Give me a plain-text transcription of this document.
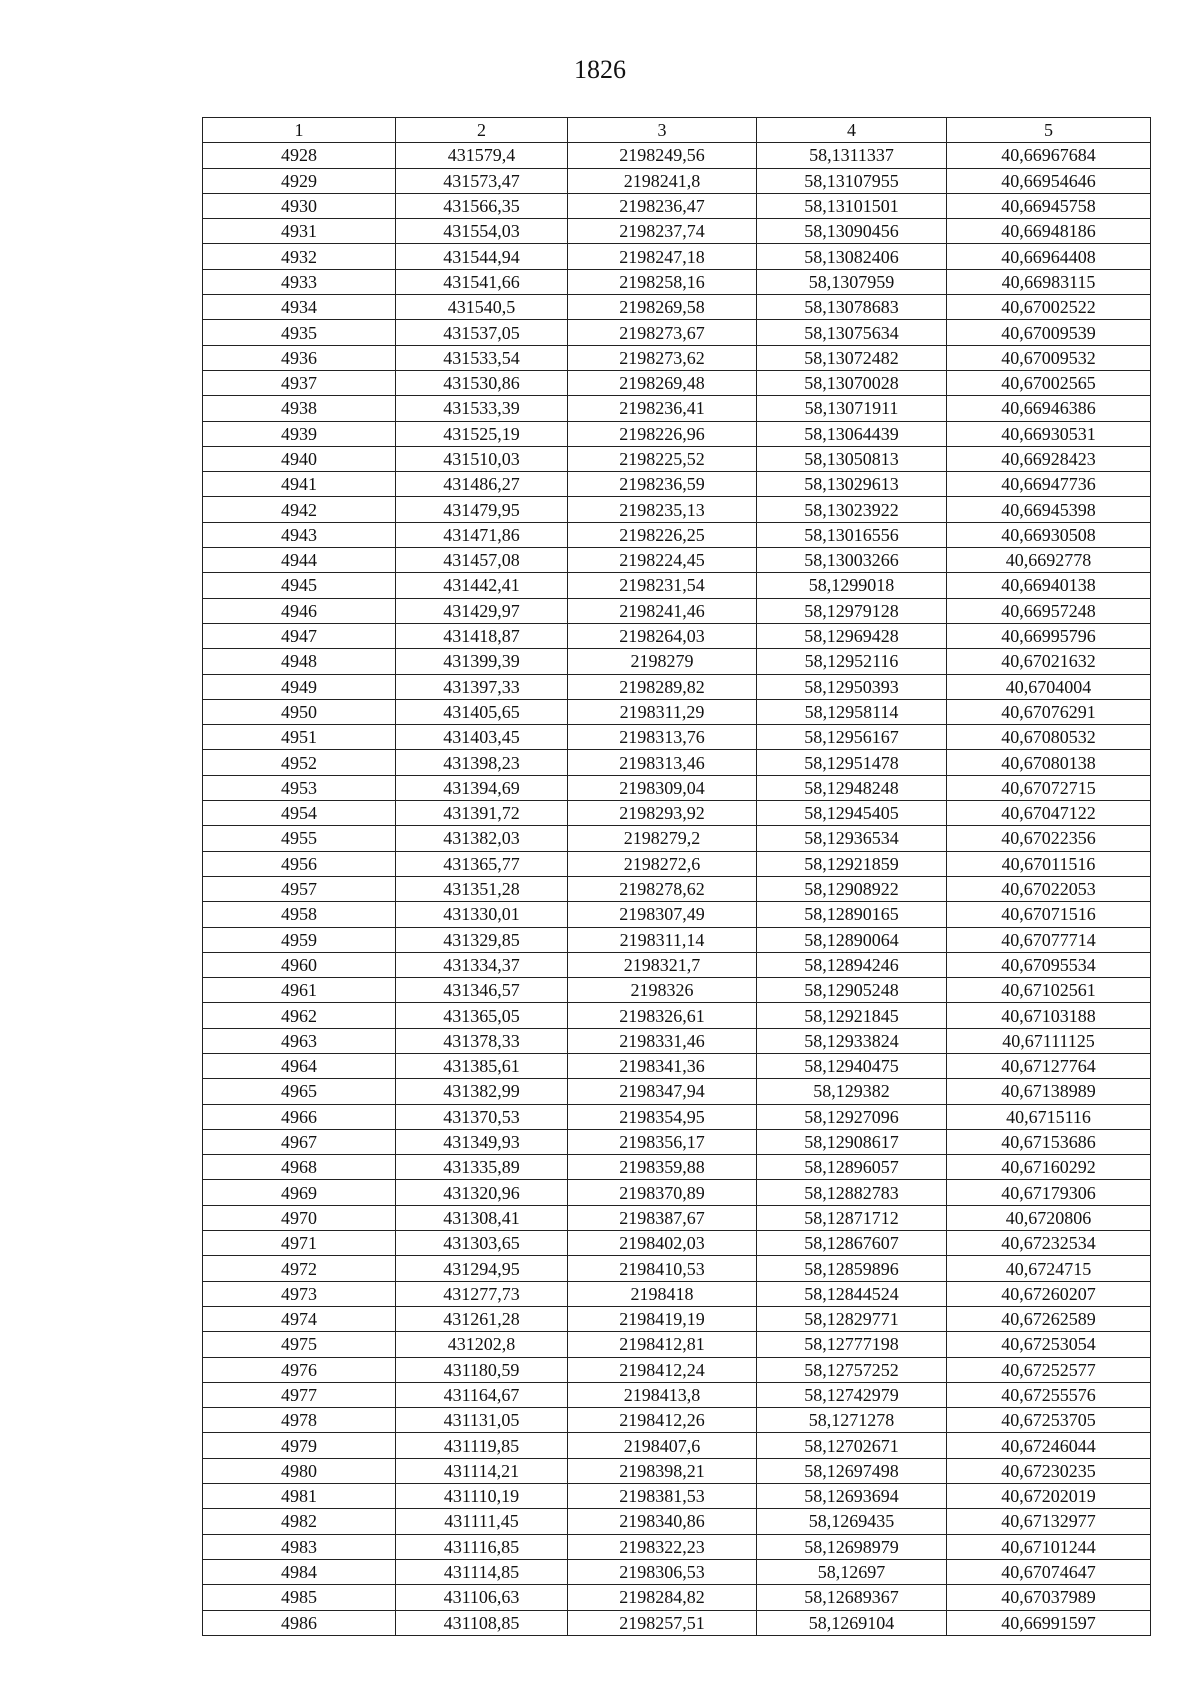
1826
1	2	3	4	5
4928	431579,4	2198249,56	58,1311337	40,66967684
4929	431573,47	2198241,8	58,13107955	40,66954646
4930	431566,35	2198236,47	58,13101501	40,66945758
4931	431554,03	2198237,74	58,13090456	40,66948186
4932	431544,94	2198247,18	58,13082406	40,66964408
4933	431541,66	2198258,16	58,1307959	40,66983115
4934	431540,5	2198269,58	58,13078683	40,67002522
4935	431537,05	2198273,67	58,13075634	40,67009539
4936	431533,54	2198273,62	58,13072482	40,67009532
4937	431530,86	2198269,48	58,13070028	40,67002565
4938	431533,39	2198236,41	58,13071911	40,66946386
4939	431525,19	2198226,96	58,13064439	40,66930531
4940	431510,03	2198225,52	58,13050813	40,66928423
4941	431486,27	2198236,59	58,13029613	40,66947736
4942	431479,95	2198235,13	58,13023922	40,66945398
4943	431471,86	2198226,25	58,13016556	40,66930508
4944	431457,08	2198224,45	58,13003266	40,6692778
4945	431442,41	2198231,54	58,1299018	40,66940138
4946	431429,97	2198241,46	58,12979128	40,66957248
4947	431418,87	2198264,03	58,12969428	40,66995796
4948	431399,39	2198279	58,12952116	40,67021632
4949	431397,33	2198289,82	58,12950393	40,6704004
4950	431405,65	2198311,29	58,12958114	40,67076291
4951	431403,45	2198313,76	58,12956167	40,67080532
4952	431398,23	2198313,46	58,12951478	40,67080138
4953	431394,69	2198309,04	58,12948248	40,67072715
4954	431391,72	2198293,92	58,12945405	40,67047122
4955	431382,03	2198279,2	58,12936534	40,67022356
4956	431365,77	2198272,6	58,12921859	40,67011516
4957	431351,28	2198278,62	58,12908922	40,67022053
4958	431330,01	2198307,49	58,12890165	40,67071516
4959	431329,85	2198311,14	58,12890064	40,67077714
4960	431334,37	2198321,7	58,12894246	40,67095534
4961	431346,57	2198326	58,12905248	40,67102561
4962	431365,05	2198326,61	58,12921845	40,67103188
4963	431378,33	2198331,46	58,12933824	40,67111125
4964	431385,61	2198341,36	58,12940475	40,67127764
4965	431382,99	2198347,94	58,129382	40,67138989
4966	431370,53	2198354,95	58,12927096	40,6715116
4967	431349,93	2198356,17	58,12908617	40,67153686
4968	431335,89	2198359,88	58,12896057	40,67160292
4969	431320,96	2198370,89	58,12882783	40,67179306
4970	431308,41	2198387,67	58,12871712	40,6720806
4971	431303,65	2198402,03	58,12867607	40,67232534
4972	431294,95	2198410,53	58,12859896	40,6724715
4973	431277,73	2198418	58,12844524	40,67260207
4974	431261,28	2198419,19	58,12829771	40,67262589
4975	431202,8	2198412,81	58,12777198	40,67253054
4976	431180,59	2198412,24	58,12757252	40,67252577
4977	431164,67	2198413,8	58,12742979	40,67255576
4978	431131,05	2198412,26	58,1271278	40,67253705
4979	431119,85	2198407,6	58,12702671	40,67246044
4980	431114,21	2198398,21	58,12697498	40,67230235
4981	431110,19	2198381,53	58,12693694	40,67202019
4982	431111,45	2198340,86	58,1269435	40,67132977
4983	431116,85	2198322,23	58,12698979	40,67101244
4984	431114,85	2198306,53	58,12697	40,67074647
4985	431106,63	2198284,82	58,12689367	40,67037989
4986	431108,85	2198257,51	58,1269104	40,66991597
